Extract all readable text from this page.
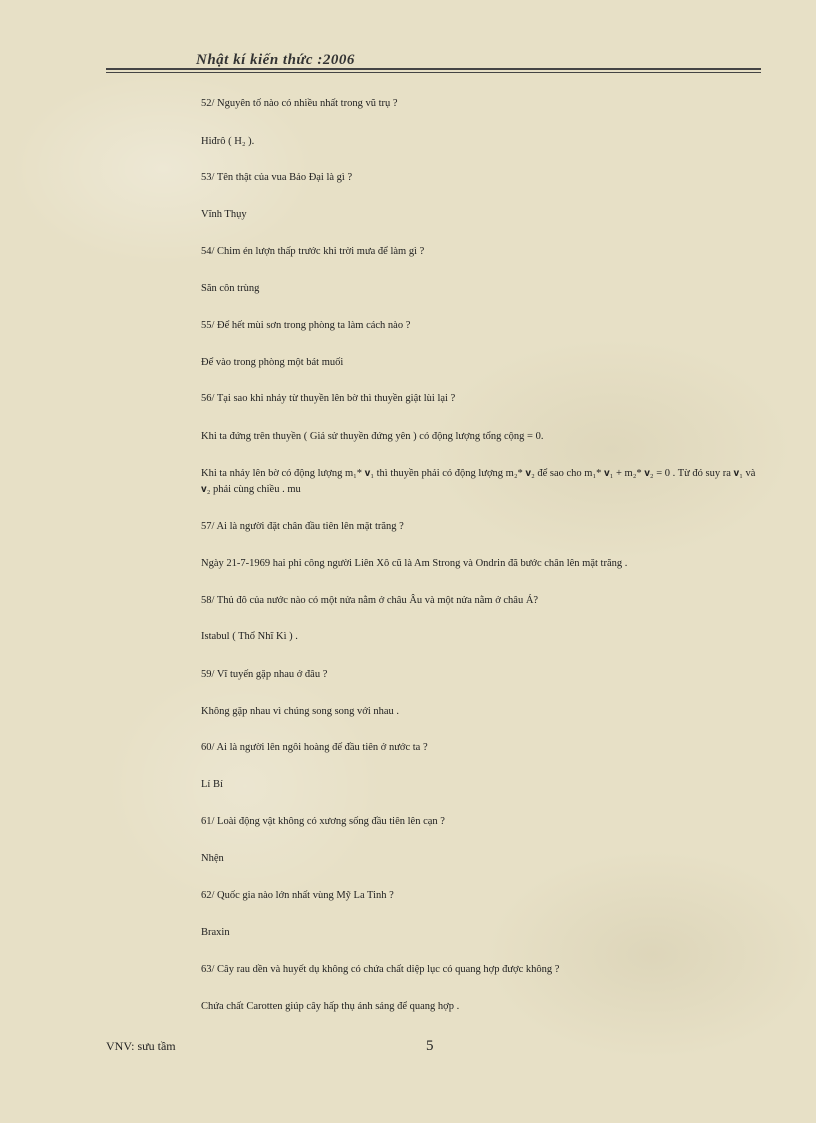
Nhật kí kiến thức :2006
52/ Nguyên tố nào có nhiều nhất trong vũ trụ ?
Hiđrô ( H₂ ).
53/ Tên thật của vua Bảo Đại là gì ?
Vĩnh Thụy
54/ Chim én lượn thấp trước khi trời mưa để làm gì ?
Săn côn trùng
55/ Để hết mùi sơn trong phòng ta làm cách nào ?
Để vào trong phòng một bát muối
56/ Tại sao khi nhảy từ thuyền lên bờ thì thuyền giật lùi lại ?
Khi ta đứng trên thuyền ( Giả sử thuyền đứng yên ) có động lượng tổng cộng = 0.
Khi ta nhảy lên bờ có động lượng m₁* 𝐯₁ thì thuyền phải có động lượng m₂* 𝐯₂ để sao cho m₁* 𝐯₁ + m₂* 𝐯₂ = 0 . Từ đó suy ra 𝐯₁ và 𝐯₂ phải cùng chiều . mu
57/ Ai là người đặt chân đầu tiên lên mặt trăng ?
Ngày 21-7-1969 hai phi công người Liên Xô cũ là Am Strong và Ondrin đã bước chân lên mặt trăng .
58/ Thủ đô của nước nào có một nửa nằm ở châu Âu và một nửa nằm ở châu Á?
Istabul ( Thổ Nhĩ Kì ) .
59/ Vĩ tuyến gặp nhau ở đâu ?
Không gặp nhau vì chúng song song với nhau .
60/ Ai là người lên ngôi hoàng đế đầu tiên ở nước ta ?
Lí Bí
61/ Loài động vật không có xương sống đầu tiên lên cạn ?
Nhện
62/ Quốc gia nào lớn nhất vùng Mỹ La Tinh ?
Braxin
63/ Cây rau dền và huyết dụ không có chứa chất diệp lục có quang hợp được không ?
Chứa chất Carotten giúp cây hấp thụ ánh sáng để quang hợp .
VNV: sưu tầm	5
